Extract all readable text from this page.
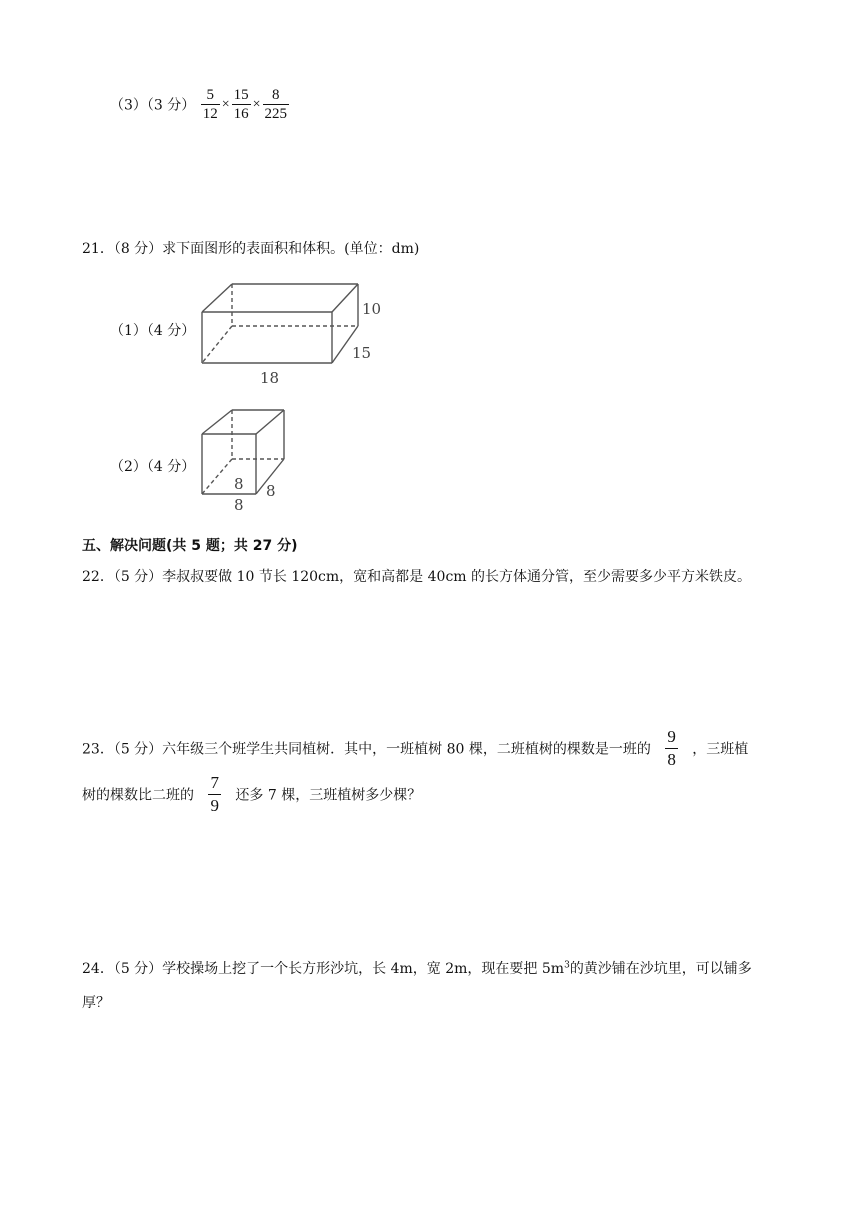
（3）（3 分） $\frac{5}{12} \times \frac{15}{16} \times \frac{8}{225}$
21．（8 分）求下面图形的表面积和体积。(单位：dm)
（1）（4 分）
10
15
18
（2）（4 分）
8 8
8
五、解决问题(共 5 题；共 27 分)
22．（5 分）李叔叔要做 10 节长 120cm，宽和高都是 40cm 的长方体通分管，至少需要多少平方米铁皮。
23．（5 分）六年级三个班学生共同植树．其中，一班植树 80 棵，二班植树的棵数是一班的 $\frac{9}{8}$ ，三班植
树的棵数比二班的 $\frac{7}{9}$ 还多 7 棵，三班植树多少棵？
24．（5 分）学校操场上挖了一个长方形沙坑，长 4m，宽 2m，现在要把 $5m^3$的黄沙铺在沙坑里，可以铺多
厚？
